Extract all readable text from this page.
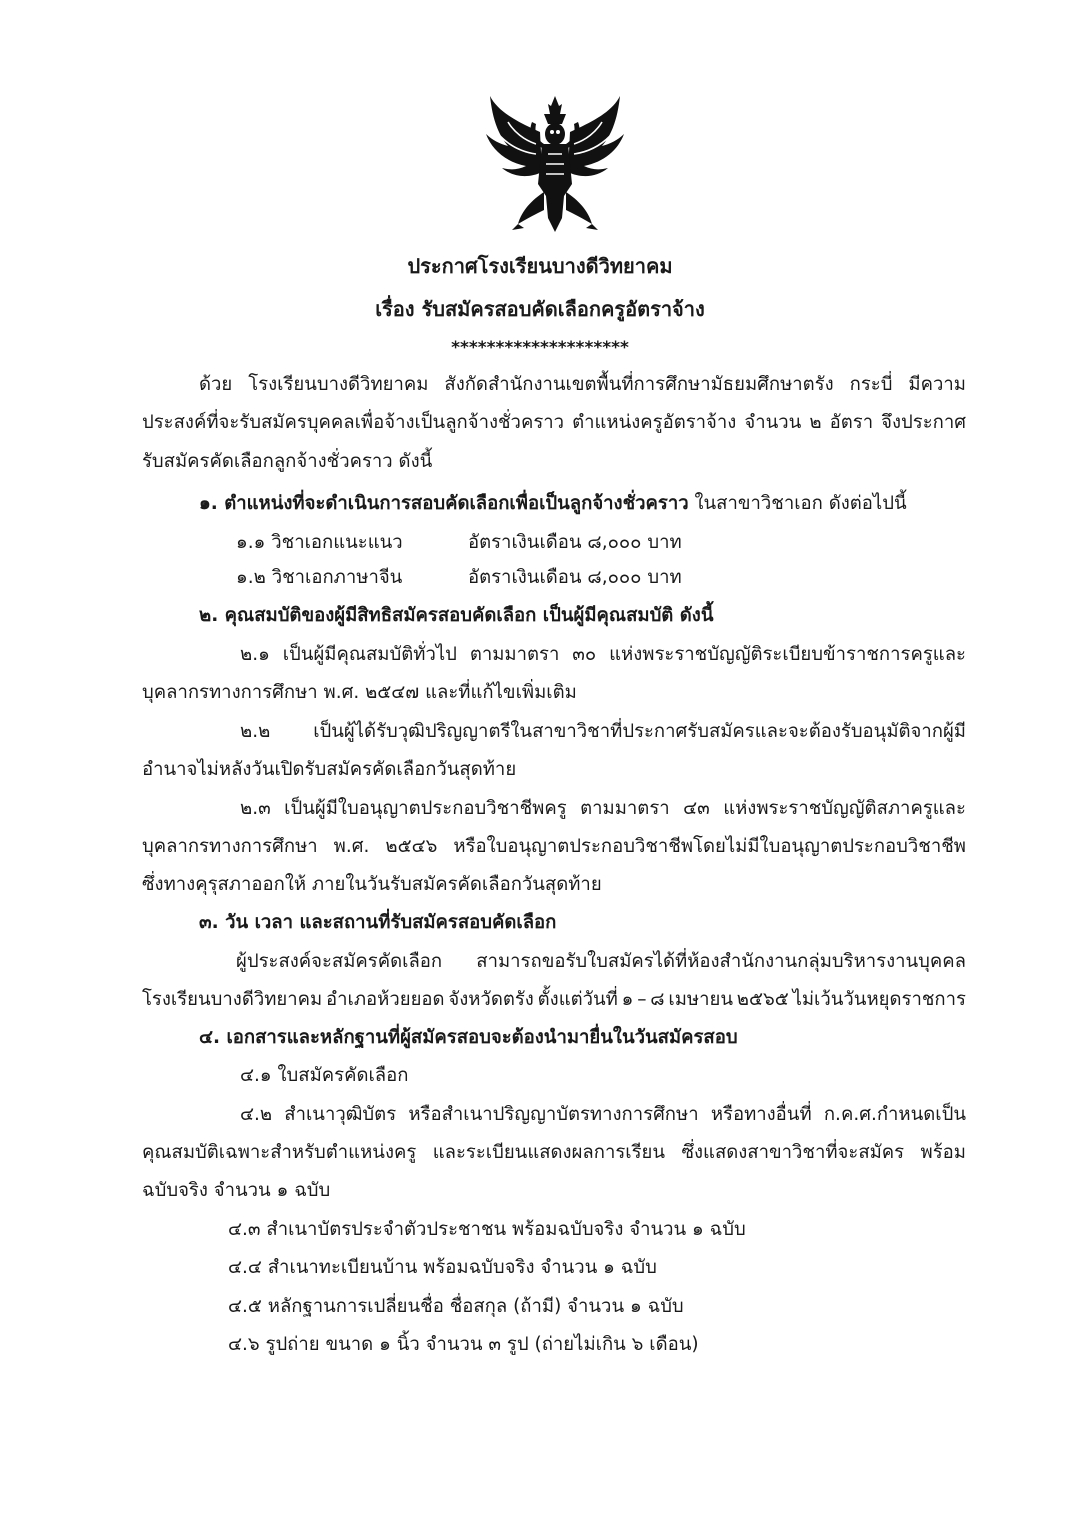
ประกาศโรงเรียนบางดีวิทยาคม
เรื่อง รับสมัครสอบคัดเลือกครูอัตราจ้าง
********************
ด้วย โรงเรียนบางดีวิทยาคม สังกัดสำนักงานเขตพื้นที่การศึกษามัธยมศึกษาตรัง กระบี่ มีความ
ประสงค์ที่จะรับสมัครบุคคลเพื่อจ้างเป็นลูกจ้างชั่วคราว ตำแหน่งครูอัตราจ้าง จำนวน ๒ อัตรา จึงประกาศ
รับสมัครคัดเลือกลูกจ้างชั่วคราว ดังนี้
๑. ตำแหน่งที่จะดำเนินการสอบคัดเลือกเพื่อเป็นลูกจ้างชั่วคราว ในสาขาวิชาเอก ดังต่อไปนี้
๑.๑ วิชาเอกแนะแนว	อัตราเงินเดือน ๘,๐๐๐ บาท
๑.๒ วิชาเอกภาษาจีน	อัตราเงินเดือน ๘,๐๐๐ บาท
๒. คุณสมบัติของผู้มีสิทธิสมัครสอบคัดเลือก เป็นผู้มีคุณสมบัติ ดังนี้
๒.๑ เป็นผู้มีคุณสมบัติทั่วไป ตามมาตรา ๓๐ แห่งพระราชบัญญัติระเบียบข้าราชการครูและ
บุคลากรทางการศึกษา พ.ศ. ๒๕๔๗ และที่แก้ไขเพิ่มเติม
๒.๒ เป็นผู้ได้รับวุฒิปริญญาตรีในสาขาวิชาที่ประกาศรับสมัครและจะต้องรับอนุมัติจากผู้มี
อำนาจไม่หลังวันเปิดรับสมัครคัดเลือกวันสุดท้าย
๒.๓ เป็นผู้มีใบอนุญาตประกอบวิชาชีพครู ตามมาตรา ๔๓ แห่งพระราชบัญญัติสภาครูและ
บุคลากรทางการศึกษา พ.ศ. ๒๕๔๖ หรือใบอนุญาตประกอบวิชาชีพโดยไม่มีใบอนุญาตประกอบวิชาชีพ
ซึ่งทางคุรุสภาออกให้ ภายในวันรับสมัครคัดเลือกวันสุดท้าย
๓. วัน เวลา และสถานที่รับสมัครสอบคัดเลือก
ผู้ประสงค์จะสมัครคัดเลือก สามารถขอรับใบสมัครได้ที่ห้องสำนักงานกลุ่มบริหารงานบุคคล
โรงเรียนบางดีวิทยาคม อำเภอห้วยยอด จังหวัดตรัง ตั้งแต่วันที่ ๑ – ๘ เมษายน ๒๕๖๕ ไม่เว้นวันหยุดราชการ
๔. เอกสารและหลักฐานที่ผู้สมัครสอบจะต้องนำมายื่นในวันสมัครสอบ
๔.๑ ใบสมัครคัดเลือก
๔.๒ สำเนาวุฒิบัตร หรือสำเนาปริญญาบัตรทางการศึกษา หรือทางอื่นที่ ก.ค.ศ.กำหนดเป็น
คุณสมบัติเฉพาะสำหรับตำแหน่งครู และระเบียนแสดงผลการเรียน ซึ่งแสดงสาขาวิชาที่จะสมัคร พร้อม
ฉบับจริง จำนวน ๑ ฉบับ
๔.๓ สำเนาบัตรประจำตัวประชาชน พร้อมฉบับจริง จำนวน ๑ ฉบับ
๔.๔ สำเนาทะเบียนบ้าน พร้อมฉบับจริง จำนวน ๑ ฉบับ
๔.๕ หลักฐานการเปลี่ยนชื่อ ชื่อสกุล (ถ้ามี) จำนวน ๑ ฉบับ
๔.๖ รูปถ่าย ขนาด ๑ นิ้ว จำนวน ๓ รูป (ถ่ายไม่เกิน ๖ เดือน)
